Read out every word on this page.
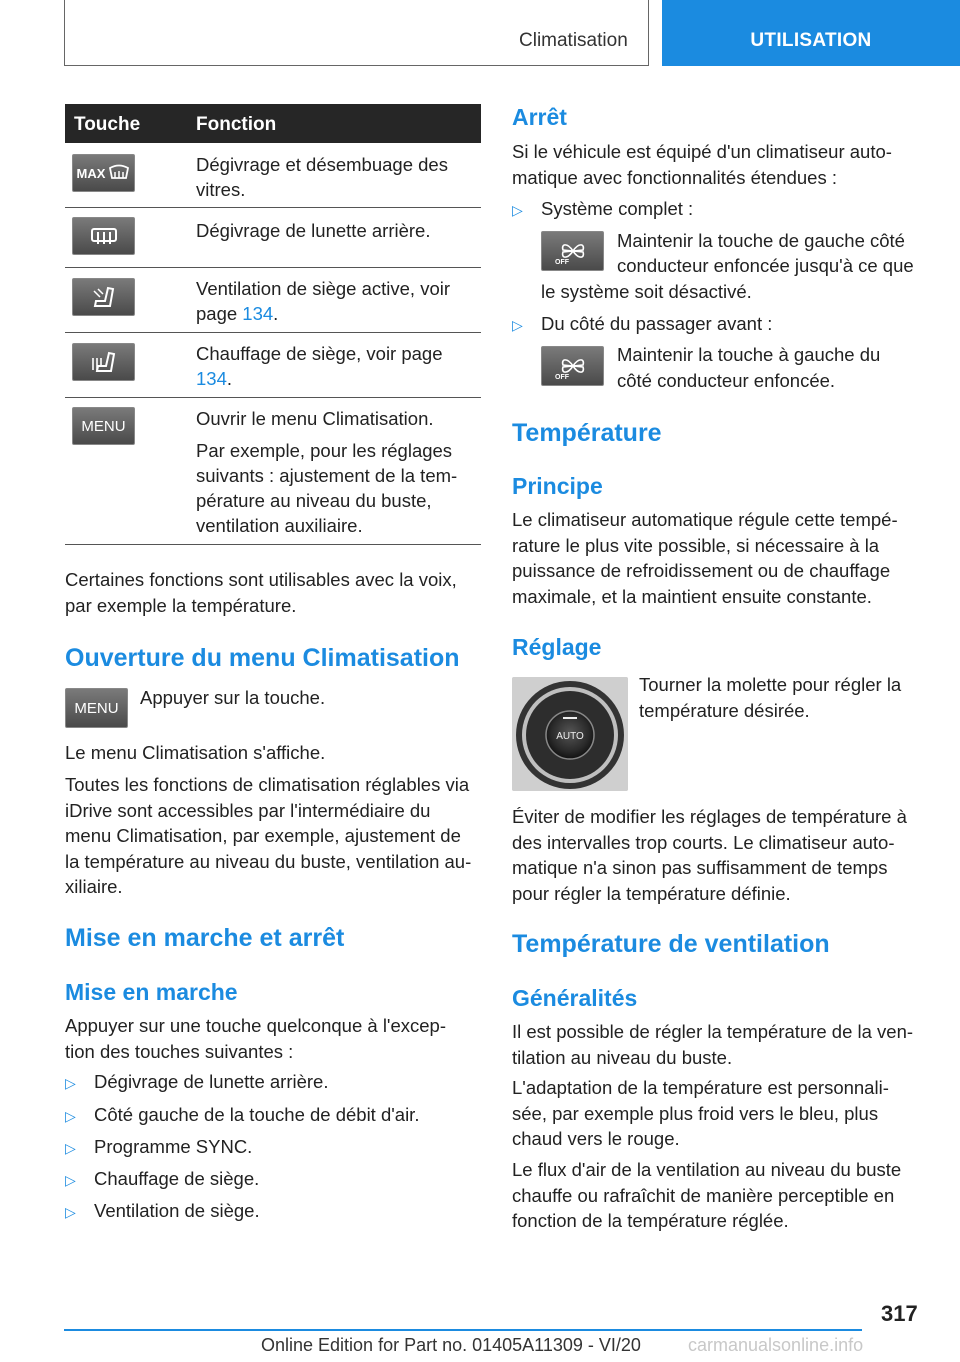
Climatisation	UTILISATION
Touche	Fonction
MAX	Dégivrage et désembuage des vitres.
Dégivrage de lunette arrière.
Ventilation de siège active, voir page 134.
Chauffage de siège, voir page 134.
MENU	Ouvrir le menu Climatisation.
Par exemple, pour les réglages suivants : ajustement de la tem‐pérature au niveau du buste, ventilation auxiliaire.
Certaines fonctions sont utilisables avec la voix, par exemple la température.
Ouverture du menu Climatisation
MENU	Appuyer sur la touche.
Le menu Climatisation s'affiche.
Toutes les fonctions de climatisation réglables via iDrive sont accessibles par l'intermédiaire du menu Climatisation, par exemple, ajustement de la température au niveau du buste, ventilation au‐xiliaire.
Mise en marche et arrêt
Mise en marche
Appuyer sur une touche quelconque à l'excep‐tion des touches suivantes :
▷ Dégivrage de lunette arrière.
▷ Côté gauche de la touche de débit d'air.
▷ Programme SYNC.
▷ Chauffage de siège.
▷ Ventilation de siège.
Arrêt
Si le véhicule est équipé d'un climatiseur auto‐matique avec fonctionnalités étendues :
▷ Système complet :
OFF
Maintenir la touche de gauche côté
conducteur enfoncée jusqu'à ce que
le système soit désactivé.
▷ Du côté du passager avant :
OFF
Maintenir la touche à gauche du
côté conducteur enfoncée.
Température
Principe
Le climatiseur automatique régule cette tempé‐rature le plus vite possible, si nécessaire à la puissance de refroidissement ou de chauffage maximale, et la maintient ensuite constante.
Réglage
AUTO
Tourner la molette pour régler la température désirée.
Éviter de modifier les réglages de température à des intervalles trop courts. Le climatiseur auto‐matique n'a sinon pas suffisamment de temps pour régler la température définie.
Température de ventilation
Généralités
Il est possible de régler la température de la ven‐tilation au niveau du buste.
L'adaptation de la température est personnali‐sée, par exemple plus froid vers le bleu, plus chaud vers le rouge.
Le flux d'air de la ventilation au niveau du buste chauffe ou rafraîchit de manière perceptible en fonction de la température réglée.
317
Online Edition for Part no. 01405A11309 - VI/20	carmanualsonline.info
